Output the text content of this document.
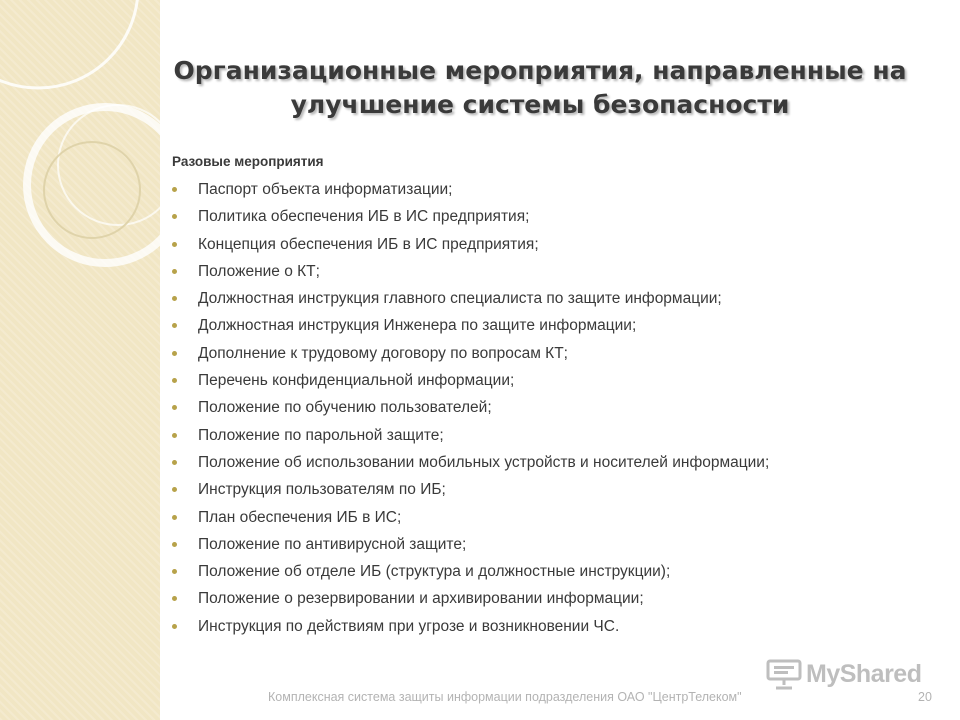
Организационные мероприятия, направленные на улучшение системы безопасности
Разовые мероприятия
Паспорт объекта информатизации;
Политика обеспечения ИБ в ИС предприятия;
Концепция обеспечения ИБ в ИС предприятия;
Положение о КТ;
Должностная инструкция главного специалиста по защите информации;
Должностная инструкция Инженера по защите информации;
Дополнение к трудовому договору по вопросам КТ;
Перечень конфиденциальной информации;
Положение по обучению пользователей;
Положение по парольной защите;
Положение об использовании мобильных устройств и носителей информации;
Инструкция пользователям по ИБ;
План обеспечения ИБ в ИС;
Положение по антивирусной защите;
Положение об отделе ИБ (структура и должностные инструкции);
Положение о резервировании и архивировании информации;
Инструкция по действиям при угрозе и возникновении ЧС.
MyShared
Комплексная система защиты информации подразделения ОАО "ЦентрТелеком"	20
